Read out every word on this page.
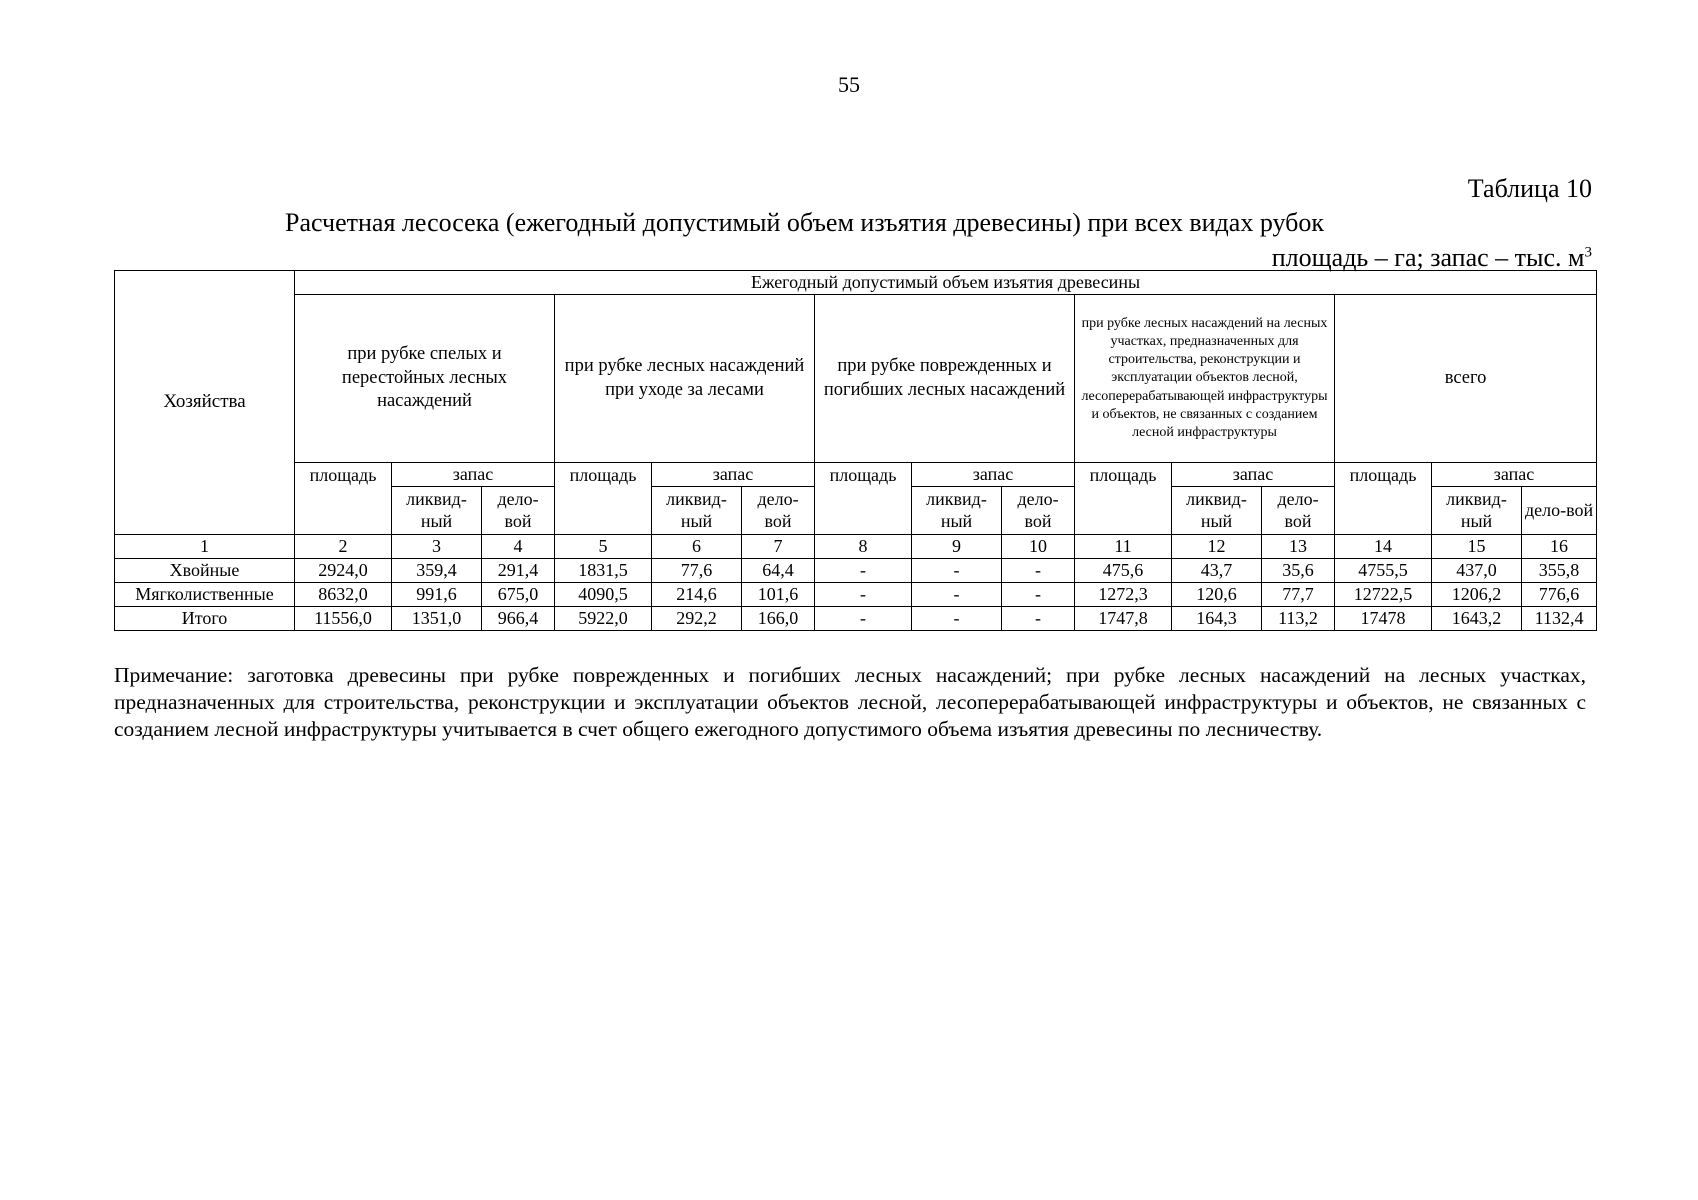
55
Таблица 10
Расчетная лесосека (ежегодный допустимый объем изъятия древесины) при всех видах рубок
площадь – га; запас – тыс. $м^3$
Хозяйства	Ежегодный допустимый объем изъятия древесины														
	при рубке спелых и перестойных лесных насаждений			при рубке лесных насаждений при уходе за лесами			при рубке поврежденных и погибших лесных насаждений			при рубке лесных насаждений на лесных участках, предназначенных для строительства, реконструкции и эксплуатации объектов лесной, лесоперерабатывающей инфраструктуры и объектов, не связанных с созданием лесной инфраструктуры			всего		
	площадь	запас		площадь	запас		площадь	запас		площадь	запас		площадь	запас	
		ликвид-ный	дело-вой		ликвид-ный	дело-вой		ликвид-ный	дело-вой		ликвид-ный	дело-вой		ликвид-ный	дело-вой
1	2	3	4	5	6	7	8	9	10	11	12	13	14	15	16
Хвойные	2924,0	359,4	291,4	1831,5	77,6	64,4	-	-	-	475,6	43,7	35,6	4755,5	437,0	355,8
Мягколиственные	8632,0	991,6	675,0	4090,5	214,6	101,6	-	-	-	1272,3	120,6	77,7	12722,5	1206,2	776,6
Итого	11556,0	1351,0	966,4	5922,0	292,2	166,0	-	-	-	1747,8	164,3	113,2	17478	1643,2	1132,4
Примечание: заготовка древесины при рубке поврежденных и погибших лесных насаждений; при рубке лесных насаждений на лесных участках, предназначенных для строительства, реконструкции и эксплуатации объектов лесной, лесоперерабатывающей инфраструктуры и объектов, не связанных с созданием лесной инфраструктуры учитывается в счет общего ежегодного допустимого объема изъятия древесины по лесничеству.
